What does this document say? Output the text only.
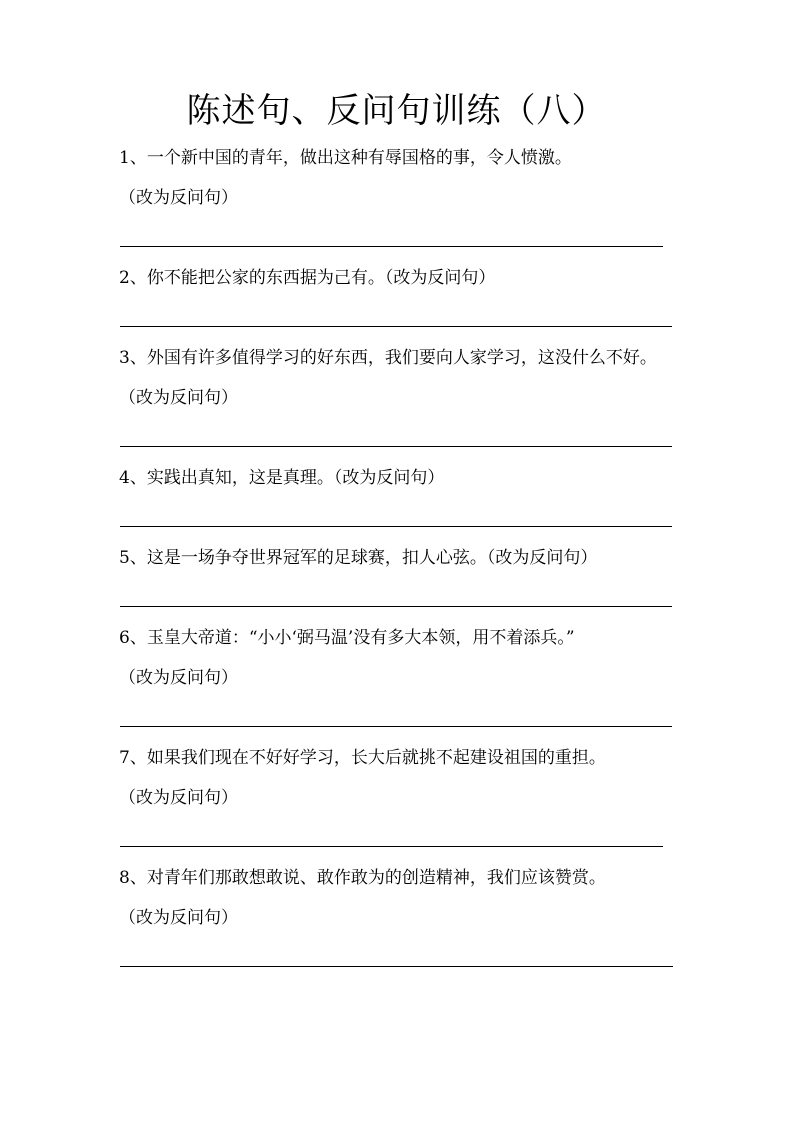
陈述句、反问句训练（八）
1、一个新中国的青年，做出这种有辱国格的事，令人愤激。
（改为反问句）
2、你不能把公家的东西据为己有。（改为反问句）
3、外国有许多值得学习的好东西，我们要向人家学习，这没什么不好。
（改为反问句）
4、实践出真知，这是真理。（改为反问句）
5、这是一场争夺世界冠军的足球赛，扣人心弦。（改为反问句）
6、玉皇大帝道：“小小‘弼马温’没有多大本领，用不着添兵。”
（改为反问句）
7、如果我们现在不好好学习，长大后就挑不起建设祖国的重担。
（改为反问句）
8、对青年们那敢想敢说、敢作敢为的创造精神，我们应该赞赏。
（改为反问句）
